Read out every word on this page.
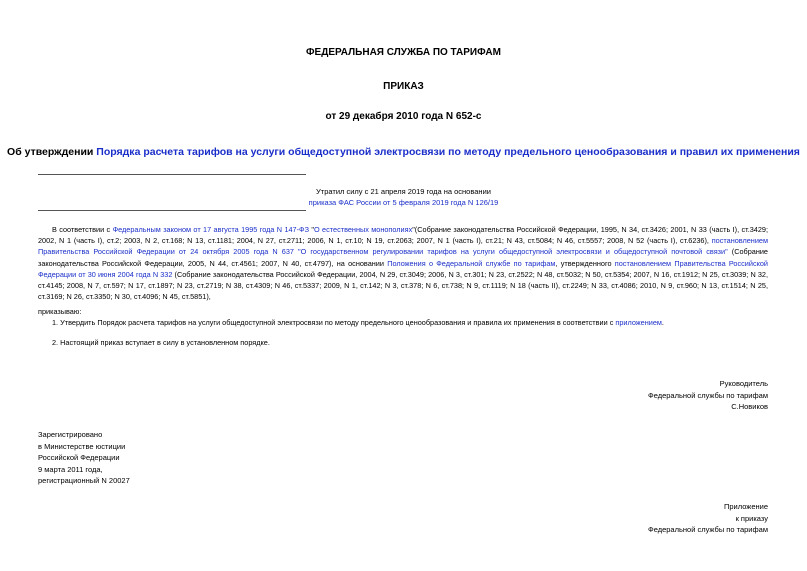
ФЕДЕРАЛЬНАЯ СЛУЖБА ПО ТАРИФАМ
ПРИКАЗ
от 29 декабря 2010 года N 652-с
Об утверждении Порядка расчета тарифов на услуги общедоступной электросвязи по методу предельного ценообразования и правил их применения
Утратил силу с 21 апреля 2019 года на основании
приказа ФАС России от 5 февраля 2019 года N 126/19
В соответствии с Федеральным законом от 17 августа 1995 года N 147-ФЗ "О естественных монополиях"(Собрание законодательства Российской Федерации, 1995, N 34, ст.3426; 2001, N 33 (часть I), ст.3429; 2002, N 1 (часть I), ст.2; 2003, N 2, ст.168; N 13, ст.1181; 2004, N 27, ст.2711; 2006, N 1, ст.10; N 19, ст.2063; 2007, N 1 (часть I), ст.21; N 43, ст.5084; N 46, ст.5557; 2008, N 52 (часть I), ст.6236), постановлением Правительства Российской Федерации от 24 октября 2005 года N 637 "О государственном регулировании тарифов на услуги общедоступной электросвязи и общедоступной почтовой связи" (Собрание законодательства Российской Федерации, 2005, N 44, ст.4561; 2007, N 40, ст.4797), на основании Положения о Федеральной службе по тарифам, утвержденного постановлением Правительства Российской Федерации от 30 июня 2004 года N 332 (Собрание законодательства Российской Федерации, 2004, N 29, ст.3049; 2006, N 3, ст.301; N 23, ст.2522; N 48, ст.5032; N 50, ст.5354; 2007, N 16, ст.1912; N 25, ст.3039; N 32, ст.4145; 2008, N 7, ст.597; N 17, ст.1897; N 23, ст.2719; N 38, ст.4309; N 46, ст.5337; 2009, N 1, ст.142; N 3, ст.378; N 6, ст.738; N 9, ст.1119; N 18 (часть II), ст.2249; N 33, ст.4086; 2010, N 9, ст.960; N 13, ст.1514; N 25, ст.3169; N 26, ст.3350; N 30, ст.4096; N 45, ст.5851),
приказываю:
1. Утвердить Порядок расчета тарифов на услуги общедоступной электросвязи по методу предельного ценообразования и правила их применения в соответствии с приложением.
2. Настоящий приказ вступает в силу в установленном порядке.
Руководитель
Федеральной службы по тарифам
С.Новиков
Зарегистрировано
в Министерстве юстиции
Российской Федерации
9 марта 2011 года,
регистрационный N 20027
Приложение
к приказу
Федеральной службы по тарифам
